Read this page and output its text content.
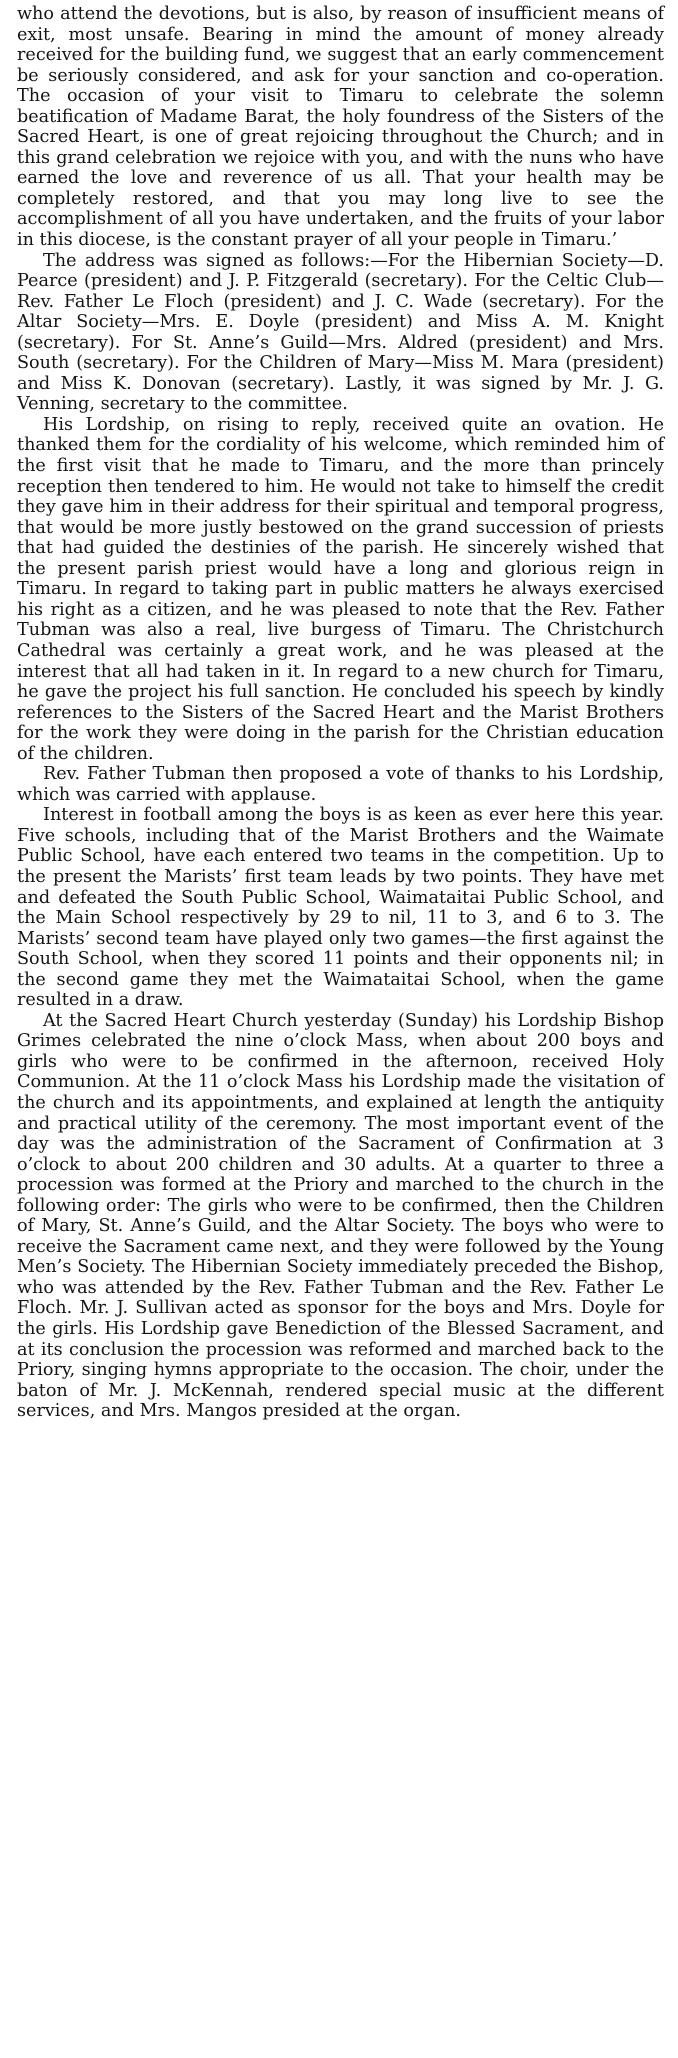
who attend the devotions, but is also, by reason of insufficient means of exit, most unsafe. Bearing in mind the amount of money already received for the building fund, we suggest that an early commencement be seriously considered, and ask for your sanction and co-operation. The occasion of your visit to Timaru to celebrate the solemn beatification of Madame Barat, the holy foundress of the Sisters of the Sacred Heart, is one of great rejoicing throughout the Church; and in this grand celebration we rejoice with you, and with the nuns who have earned the love and reverence of us all. That your health may be completely restored, and that you may long live to see the accomplishment of all you have undertaken, and the fruits of your labor in this diocese, is the constant prayer of all your people in Timaru.’

The address was signed as follows:—For the Hibernian Society—D. Pearce (president) and J. P. Fitzgerald (secretary). For the Celtic Club—Rev. Father Le Floch (president) and J. C. Wade (secretary). For the Altar Society—Mrs. E. Doyle (president) and Miss A. M. Knight (secretary). For St. Anne’s Guild—Mrs. Aldred (president) and Mrs. South (secretary). For the Children of Mary—Miss M. Mara (president) and Miss K. Donovan (secretary). Lastly, it was signed by Mr. J. G. Venning, secretary to the committee.

His Lordship, on rising to reply, received quite an ovation. He thanked them for the cordiality of his welcome, which reminded him of the first visit that he made to Timaru, and the more than princely reception then tendered to him. He would not take to himself the credit they gave him in their address for their spiritual and temporal progress, that would be more justly bestowed on the grand succession of priests that had guided the destinies of the parish. He sincerely wished that the present parish priest would have a long and glorious reign in Timaru. In regard to taking part in public matters he always exercised his right as a citizen, and he was pleased to note that the Rev. Father Tubman was also a real, live burgess of Timaru. The Christchurch Cathedral was certainly a great work, and he was pleased at the interest that all had taken in it. In regard to a new church for Timaru, he gave the project his full sanction. He concluded his speech by kindly references to the Sisters of the Sacred Heart and the Marist Brothers for the work they were doing in the parish for the Christian education of the children.

Rev. Father Tubman then proposed a vote of thanks to his Lordship, which was carried with applause.

Interest in football among the boys is as keen as ever here this year. Five schools, including that of the Marist Brothers and the Waimate Public School, have each entered two teams in the competition. Up to the present the Marists’ first team leads by two points. They have met and defeated the South Public School, Waimataitai Public School, and the Main School respectively by 29 to nil, 11 to 3, and 6 to 3. The Marists’ second team have played only two games—the first against the South School, when they scored 11 points and their opponents nil; in the second game they met the Waimataitai School, when the game resulted in a draw.

At the Sacred Heart Church yesterday (Sunday) his Lordship Bishop Grimes celebrated the nine o’clock Mass, when about 200 boys and girls who were to be confirmed in the afternoon, received Holy Communion. At the 11 o’clock Mass his Lordship made the visitation of the church and its appointments, and explained at length the antiquity and practical utility of the ceremony. The most important event of the day was the administration of the Sacrament of Confirmation at 3 o’clock to about 200 children and 30 adults. At a quarter to three a procession was formed at the Priory and marched to the church in the following order: The girls who were to be confirmed, then the Children of Mary, St. Anne’s Guild, and the Altar Society. The boys who were to receive the Sacrament came next, and they were followed by the Young Men’s Society. The Hibernian Society immediately preceded the Bishop, who was attended by the Rev. Father Tubman and the Rev. Father Le Floch. Mr. J. Sullivan acted as sponsor for the boys and Mrs. Doyle for the girls. His Lordship gave Benediction of the Blessed Sacrament, and at its conclusion the procession was reformed and marched back to the Priory, singing hymns appropriate to the occasion. The choir, under the baton of Mr. J. McKennah, rendered special music at the different services, and Mrs. Mangos presided at the organ.
